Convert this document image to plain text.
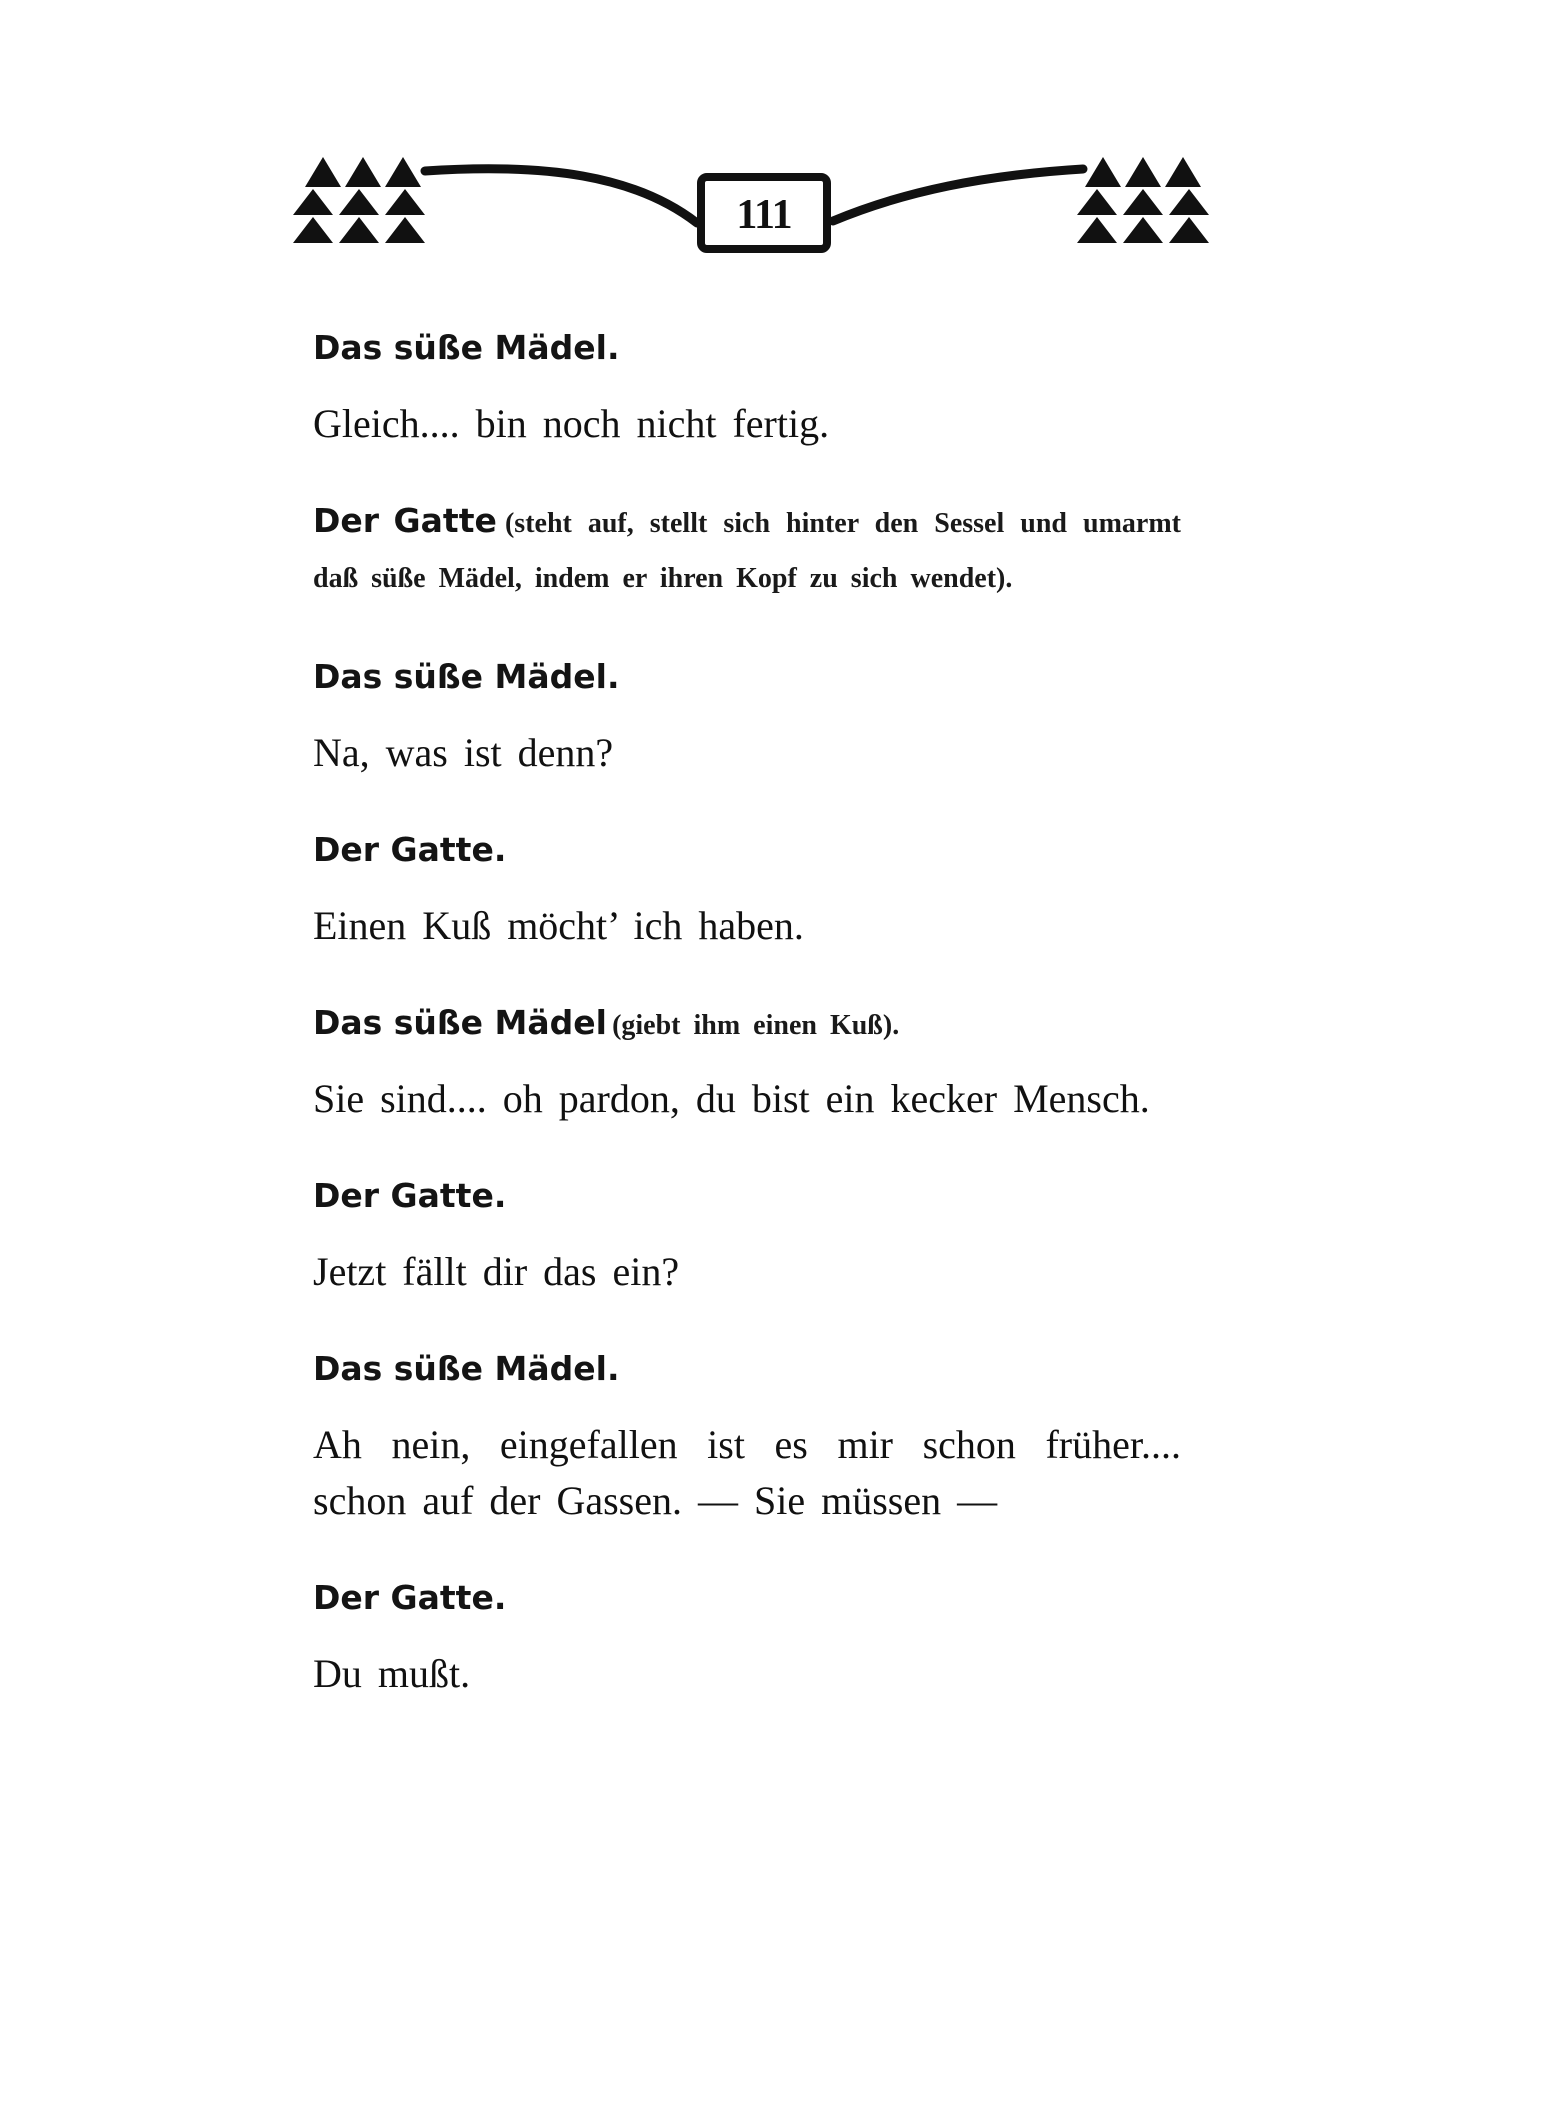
111
Das süße Mädel.
Gleich.... bin noch nicht fertig.
Der Gatte (steht auf, stellt sich hinter den Sessel und umarmt daß süße Mädel, indem er ihren Kopf zu sich wendet).
Das süße Mädel.
Na, was ist denn?
Der Gatte.
Einen Kuß möcht’ ich haben.
Das süße Mädel (giebt ihm einen Kuß).
Sie sind.... oh pardon, du bist ein kecker Mensch.
Der Gatte.
Jetzt fällt dir das ein?
Das süße Mädel.
Ah nein, eingefallen ist es mir schon früher.... schon auf der Gassen. — Sie müssen —
Der Gatte.
Du mußt.
